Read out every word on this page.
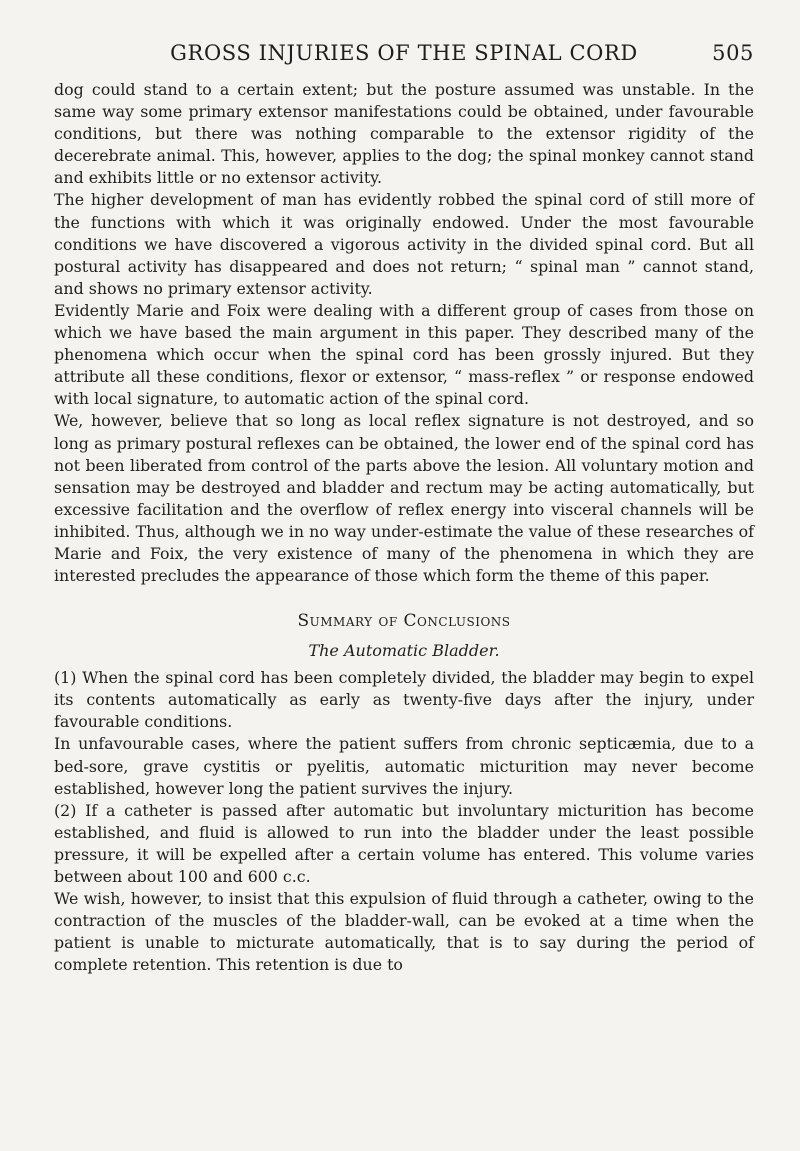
GROSS INJURIES OF THE SPINAL CORD	505

dog could stand to a certain extent; but the posture assumed was unstable. In the same way some primary extensor manifestations could be obtained, under favourable conditions, but there was nothing comparable to the extensor rigidity of the decerebrate animal. This, however, applies to the dog; the spinal monkey cannot stand and exhibits little or no extensor activity.

The higher development of man has evidently robbed the spinal cord of still more of the functions with which it was originally endowed. Under the most favourable conditions we have discovered a vigorous activity in the divided spinal cord. But all postural activity has disappeared and does not return; “ spinal man ” cannot stand, and shows no primary extensor activity.

Evidently Marie and Foix were dealing with a different group of cases from those on which we have based the main argument in this paper. They described many of the phenomena which occur when the spinal cord has been grossly injured. But they attribute all these conditions, flexor or extensor, “ mass-reflex ” or response endowed with local signature, to automatic action of the spinal cord.

We, however, believe that so long as local reflex signature is not destroyed, and so long as primary postural reflexes can be obtained, the lower end of the spinal cord has not been liberated from control of the parts above the lesion. All voluntary motion and sensation may be destroyed and bladder and rectum may be acting automatically, but excessive facilitation and the overflow of reflex energy into visceral channels will be inhibited. Thus, although we in no way under-estimate the value of these researches of Marie and Foix, the very existence of many of the phenomena in which they are interested precludes the appearance of those which form the theme of this paper.

Summary of Conclusions
The Automatic Bladder.

(1) When the spinal cord has been completely divided, the bladder may begin to expel its contents automatically as early as twenty-five days after the injury, under favourable conditions.

In unfavourable cases, where the patient suffers from chronic septicæmia, due to a bed-sore, grave cystitis or pyelitis, automatic micturition may never become established, however long the patient survives the injury.

(2) If a catheter is passed after automatic but involuntary micturition has become established, and fluid is allowed to run into the bladder under the least possible pressure, it will be expelled after a certain volume has entered. This volume varies between about 100 and 600 c.c.

We wish, however, to insist that this expulsion of fluid through a catheter, owing to the contraction of the muscles of the bladder-wall, can be evoked at a time when the patient is unable to micturate automatically, that is to say during the period of complete retention. This retention is due to
